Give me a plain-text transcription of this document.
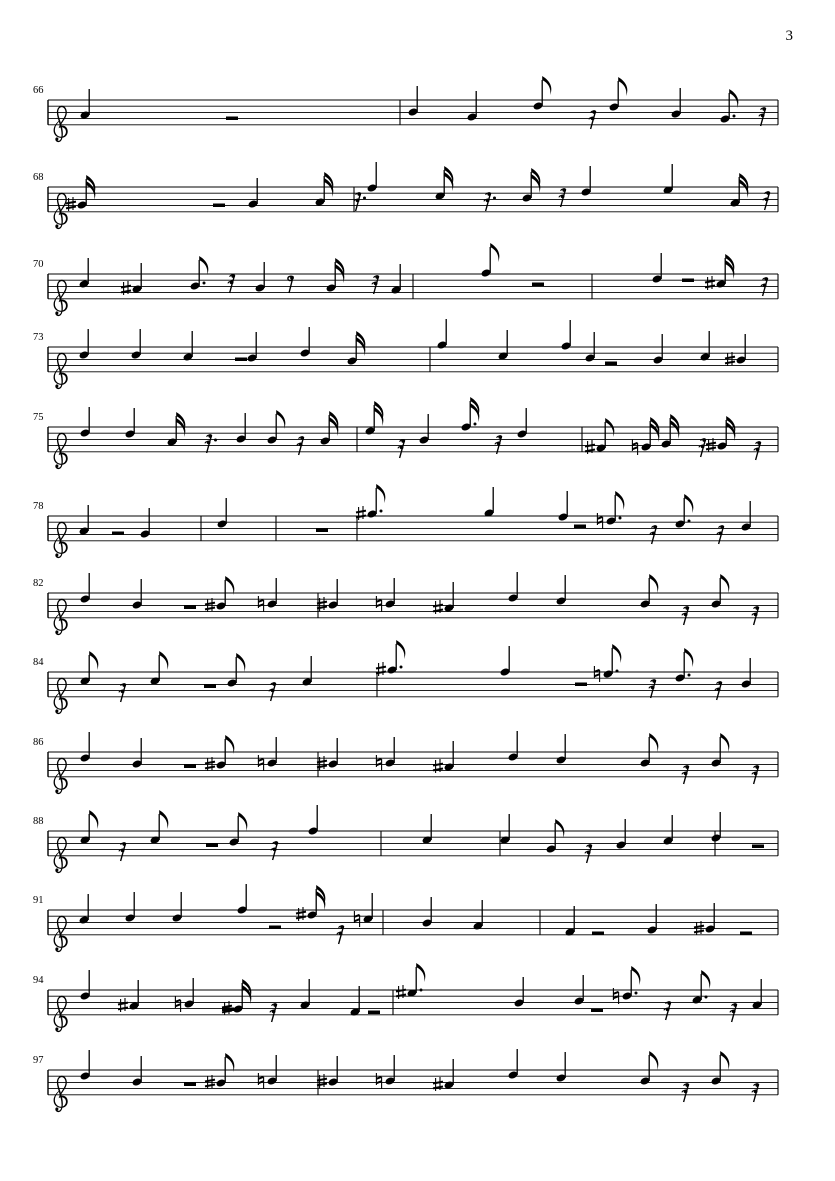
3
66
68
70
73
75
78
82
84
86
88
91
94
97
